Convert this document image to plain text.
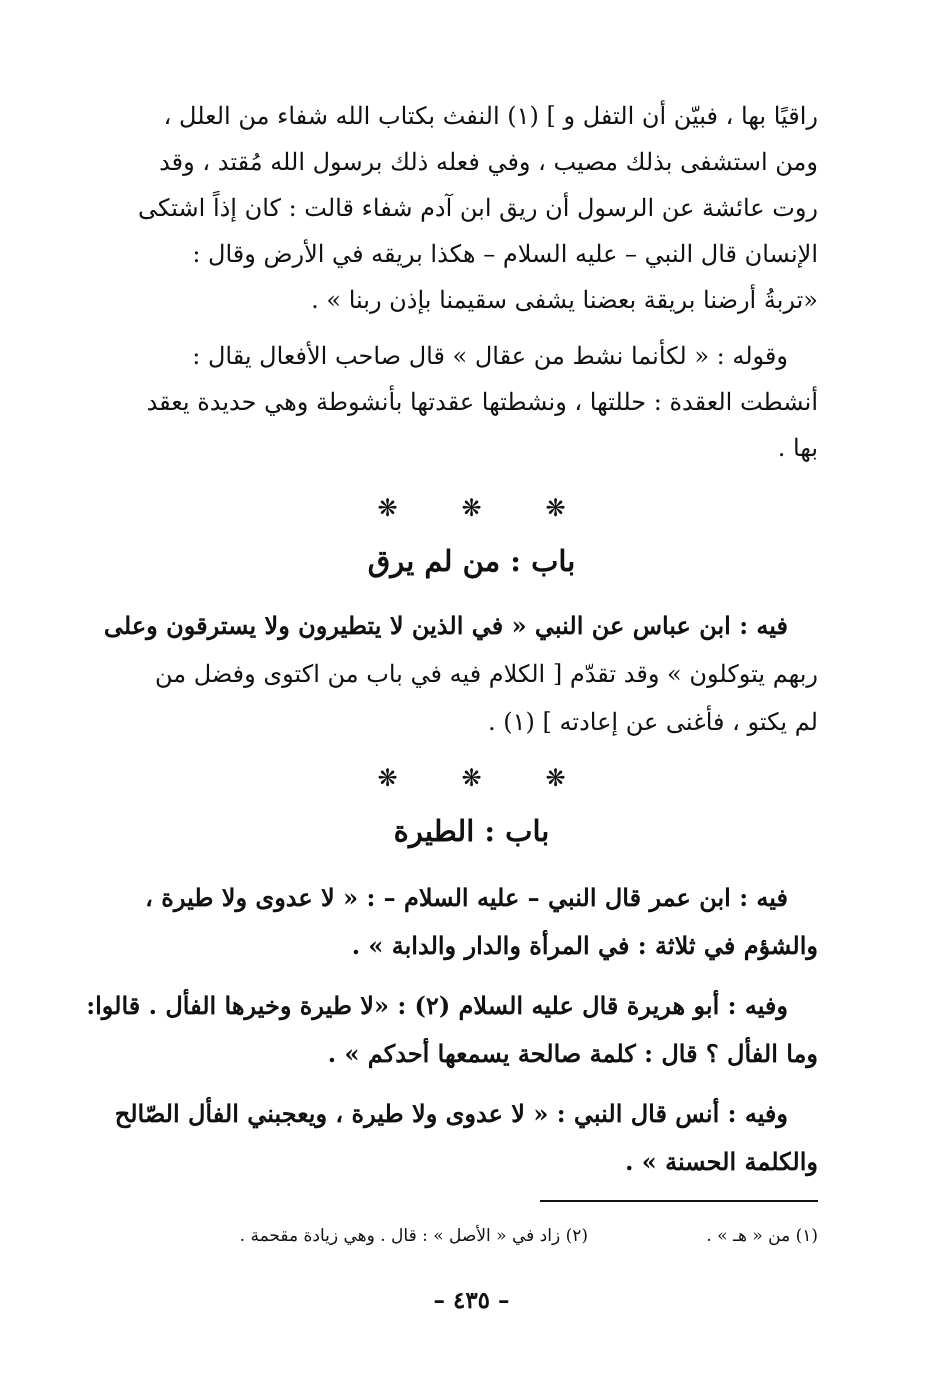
راقيًا بها ، فبيّن أن التفل و ] (١) النفث بكتاب الله شفاء من العلل ،
ومن استشفى بذلك مصيب ، وفي فعله ذلك برسول الله مُقتد ، وقد
روت عائشة عن الرسول أن ريق ابن آدم شفاء قالت : كان إذاً اشتكى
الإنسان قال النبي – عليه السلام – هكذا بريقه في الأرض وقال :
«تربةُ أرضنا بريقة بعضنا يشفى سقيمنا بإذن ربنا » .
وقوله : « لكأنما نشط من عقال » قال صاحب الأفعال يقال :
أنشطت العقدة : حللتها ، ونشطتها عقدتها بأنشوطة وهي حديدة يعقد
بها .
❋	❋	❋
باب : من لم يرق
فيه : ابن عباس عن النبي « في الذين لا يتطيرون ولا يسترقون وعلى
ربهم يتوكلون » وقد تقدّم [ الكلام فيه في باب من اكتوى وفضل من
لم يكتو ، فأغنى عن إعادته ] (١) .
❋	❋	❋
باب : الطيرة
فيه : ابن عمر قال النبي – عليه السلام – : « لا عدوى ولا طيرة ،
والشؤم في ثلاثة : في المرأة والدار والدابة » .
وفيه : أبو هريرة قال عليه السلام (٢) : «لا طيرة وخيرها الفأل . قالوا:
وما الفأل ؟ قال : كلمة صالحة يسمعها أحدكم » .
وفيه : أنس قال النبي : « لا عدوى ولا طيرة ، ويعجبني الفأل الصّالح
والكلمة الحسنة » .
(١) من « هـ » .
(٢) زاد في « الأصل » : قال . وهي زيادة مقحمة .
– ٤٣٥ –
